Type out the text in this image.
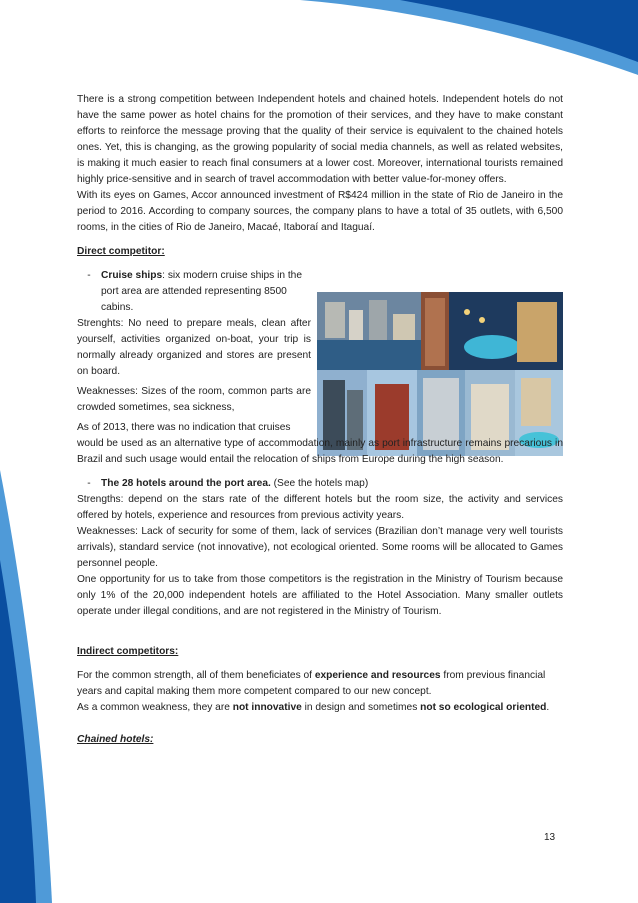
There is a strong competition between Independent hotels and chained hotels. Independent hotels do not have the same power as hotel chains for the promotion of their services, and they have to make constant efforts to reinforce the message proving that the quality of their service is equivalent to the chained hotels ones. Yet, this is changing, as the growing popularity of social media channels, as well as related websites, is making it much easier to reach final consumers at a lower cost. Moreover, international tourists remained highly price-sensitive and in search of travel accommodation with better value-for-money offers.

With its eyes on Games, Accor announced investment of R$424 million in the state of Rio de Janeiro in the period to 2016. According to company sources, the company plans to have a total of 35 outlets, with 6,500 rooms, in the cities of Rio de Janeiro, Macaé, Itaboraí and Itaguaí.

Direct competitor:

-	Cruise ships: six modern cruise ships in the port area are attended representing 8500 cabins.

Strenghts: No need to prepare meals, clean after yourself, activities organized on-boat, your trip is normally already organized and stores are present on board.

Weaknesses: Sizes of the room, common parts are crowded sometimes, sea sickness,

As of 2013, there was no indication that cruises

would be used as an alternative type of accommodation, mainly as port infrastructure remains precarious in Brazil and such usage would entail the relocation of ships from Europe during the high season.

-	The 28 hotels around the port area. (See the hotels map)

Strengths: depend on the stars rate of the different hotels but the room size, the activity and services offered by hotels, experience and resources from previous activity years.

Weaknesses: Lack of security for some of them, lack of services (Brazilian don’t manage very well tourists arrivals), standard service (not innovative), not ecological oriented. Some rooms will be allocated to Games personnel people.

One opportunity for us to take from those competitors is the registration in the Ministry of Tourism because only 1% of the 20,000 independent hotels are affiliated to the Hotel Association. Many smaller outlets operate under illegal conditions, and are not registered in the Ministry of Tourism.

Indirect competitors:

For the common strength, all of them beneficiates of experience and resources from previous financial years and capital making them more competent compared to our new concept.

As a common weakness, they are not innovative in design and sometimes not so ecological oriented.

Chained hotels:

13
